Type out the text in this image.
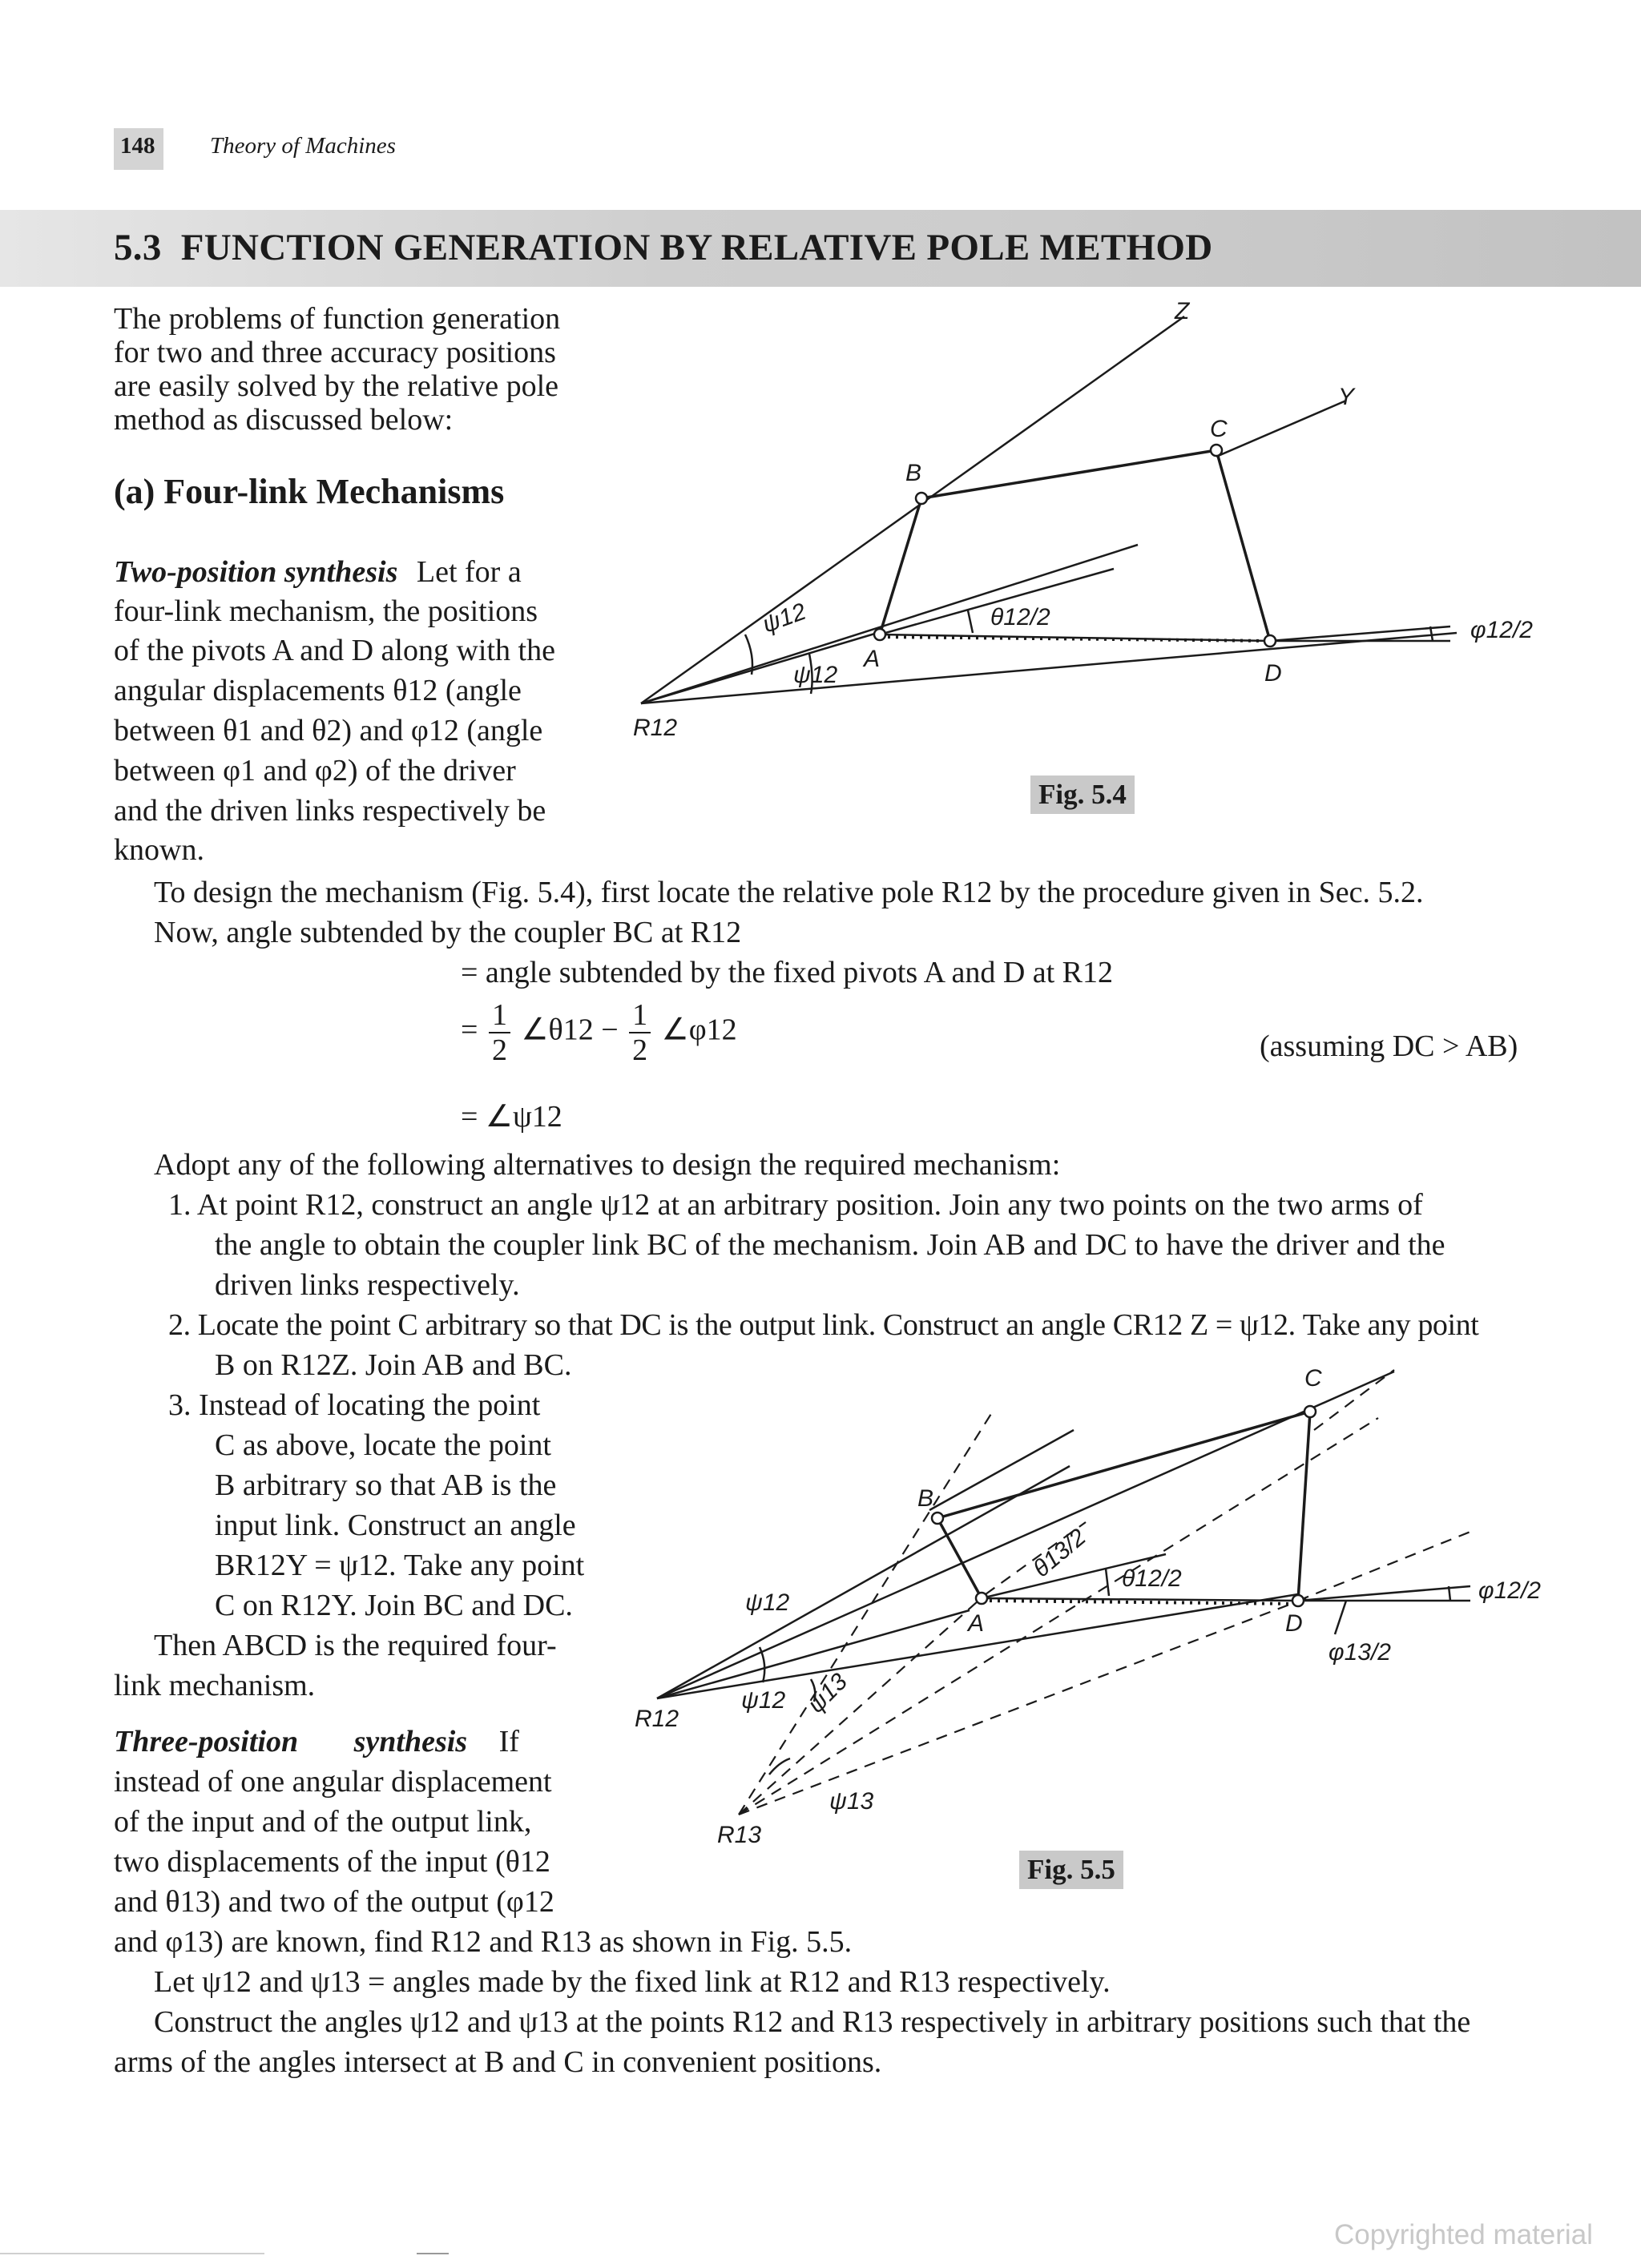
148 Theory of Machines
5.3 FUNCTION GENERATION BY RELATIVE POLE METHOD
The problems of function generation
for two and three accuracy positions
are easily solved by the relative pole
method as discussed below:
(a) Four-link Mechanisms
Two-position synthesis Let for a
four-link mechanism, the positions
of the pivots A and D along with the
angular displacements θ12 (angle
between θ1 and θ2) and φ12 (angle
between φ1 and φ2) of the driver
and the driven links respectively be
known.
To design the mechanism (Fig. 5.4), first locate the relative pole R12 by the procedure given in Sec. 5.2.
Now, angle subtended by the coupler BC at R12
= angle subtended by the fixed pivots A and D at R12
= $\frac{1}{2}$ ∠θ12 − $\frac{1}{2}$ ∠φ12	(assuming DC > AB)
= ∠ψ12
Adopt any of the following alternatives to design the required mechanism:
1. At point R12, construct an angle ψ12 at an arbitrary position. Join any two points on the two arms of
the angle to obtain the coupler link BC of the mechanism. Join AB and DC to have the driver and the
driven links respectively.
2. Locate the point C arbitrary so that DC is the output link. Construct an angle CR12 Z = ψ12. Take any point
B on R12Z. Join AB and BC.
3. Instead of locating the point
C as above, locate the point
B arbitrary so that AB is the
input link. Construct an angle
BR12Y = ψ12. Take any point
C on R12Y. Join BC and DC.
Then ABCD is the required four-
link mechanism.
Three-position synthesis If
instead of one angular displacement
of the input and of the output link,
two displacements of the input (θ12
and θ13) and two of the output (φ12
and φ13) are known, find R12 and R13 as shown in Fig. 5.5.
Let ψ12 and ψ13 = angles made by the fixed link at R12 and R13 respectively.
Construct the angles ψ12 and ψ13 at the points R12 and R13 respectively in arbitrary positions such that the
arms of the angles intersect at B and C in convenient positions.
Z
Y
C
B
A
D
R12
ψ12
ψ12
θ12/2	φ12/2
Fig. 5.4
C
B
A	D
R12
R13
ψ12
ψ12 ψ13
ψ13
θ12/2
θ13/2
φ12/2
φ13/2
Fig. 5.5
Copyrighted material
